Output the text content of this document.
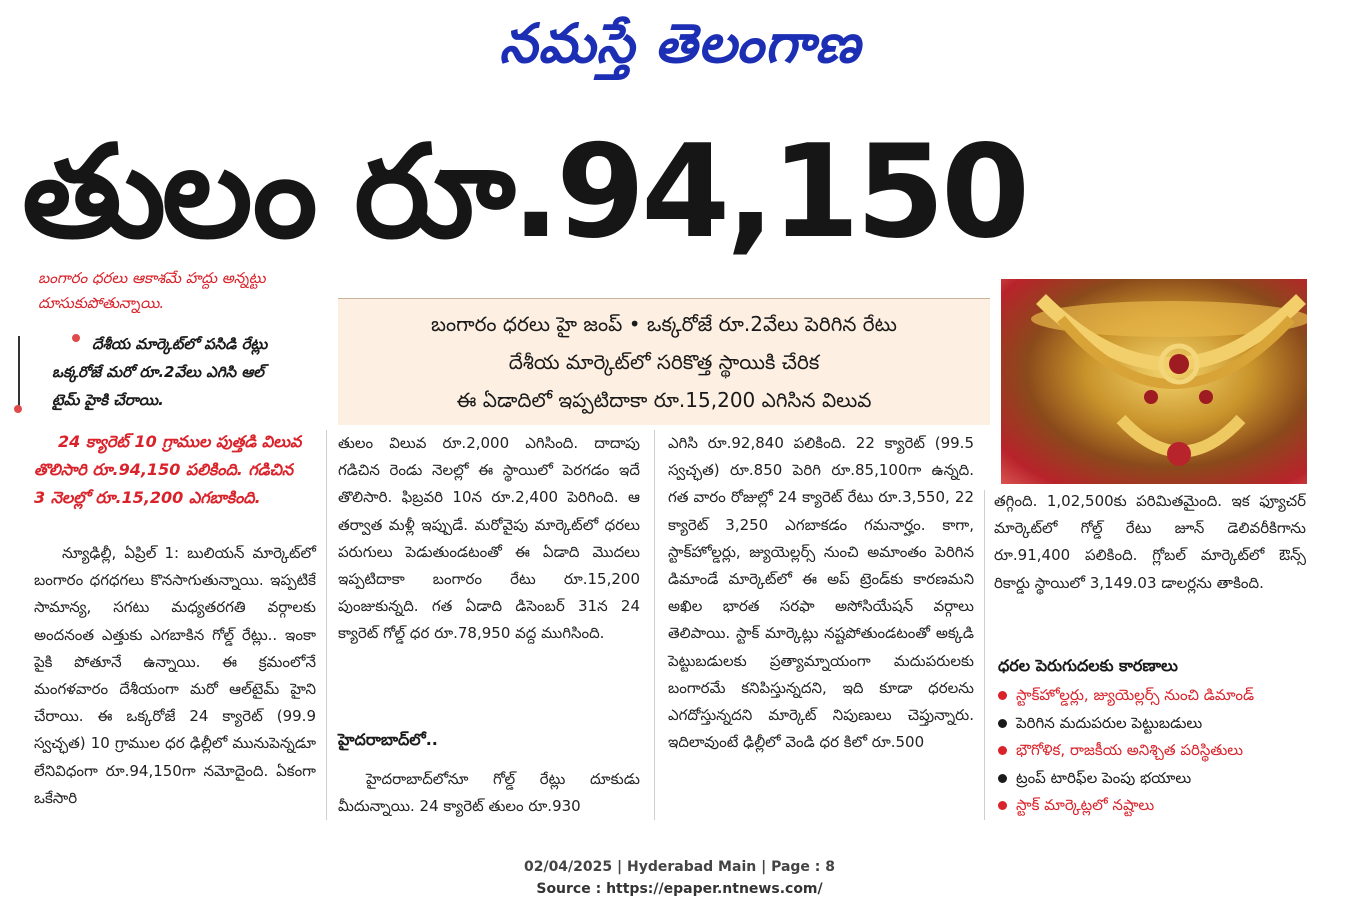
నమస్తే తెలంగాణ
తులం రూ.94,150
బంగారం ధరలు ఆకాశమే హద్దు అన్నట్టు దూసుకుపోతున్నాయి.
దేశీయ మార్కెట్‌లో పసిడి రేట్లు
ఒక్కరోజే మరో రూ.2వేలు ఎగిసి ఆల్‌
టైమ్‌ హైకి చేరాయి.
24 క్యారెట్‌ 10 గ్రాముల పుత్తడి విలువ
తొలిసారి రూ.94,150 పలికింది. గడిచిన
3 నెలల్లో రూ.15,200 ఎగబాకింది.
బంగారం ధరలు హై జంప్ • ఒక్కరోజే రూ.2వేలు పెరిగిన రేటు
దేశీయ మార్కెట్‌లో సరికొత్త స్థాయికి చేరిక
ఈ ఏడాదిలో ఇప్పటిదాకా రూ.15,200 ఎగిసిన విలువ
న్యూఢిల్లీ, ఏప్రిల్‌ 1: బులియన్‌ మార్కెట్‌లో బంగారం ధగధగలు కొనసాగుతున్నాయి. ఇప్పటికే సామాన్య, సగటు మధ్యతరగతి వర్గాలకు అందనంత ఎత్తుకు ఎగబాకిన గోల్డ్‌ రేట్లు.. ఇంకా పైకి పోతూనే ఉన్నాయి. ఈ క్రమంలోనే మంగళవారం దేశీయంగా మరో ఆల్‌టైమ్‌ హైని చేరాయి. ఈ ఒక్కరోజే 24 క్యారెట్‌ (99.9 స్వచ్ఛత) 10 గ్రాముల ధర ఢిల్లీలో మునుపెన్నడూ లేనివిధంగా రూ.94,150గా నమోదైంది. ఏకంగా ఒకేసారి
తులం విలువ రూ.2,000 ఎగిసింది. దాదాపు గడిచిన రెండు నెలల్లో ఈ స్థాయిలో పెరగడం ఇదే తొలిసారి. ఫిబ్రవరి 10న రూ.2,400 పెరిగింది. ఆ తర్వాత మళ్లీ ఇప్పుడే. మరోవైపు మార్కెట్‌లో ధరలు పరుగులు పెడుతుండటంతో ఈ ఏడాది మొదలు ఇప్పటిదాకా బంగారం రేటు రూ.15,200 పుంజుకున్నది. గత ఏడాది డిసెంబర్‌ 31న 24 క్యారెట్‌ గోల్డ్‌ ధర రూ.78,950 వద్ద ముగిసింది.
హైదరాబాద్‌లో..
హైదరాబాద్‌లోనూ గోల్డ్‌ రేట్లు దూకుడు మీదున్నాయి. 24 క్యారెట్‌ తులం రూ.930
ఎగిసి రూ.92,840 పలికింది. 22 క్యారెట్‌ (99.5 స్వచ్ఛత) రూ.850 పెరిగి రూ.85,100గా ఉన్నది. గత వారం రోజుల్లో 24 క్యారెట్‌ రేటు రూ.3,550, 22 క్యారెట్‌ 3,250 ఎగబాకడం గమనార్హం. కాగా, స్టాక్‌హోల్డర్లు, జ్యుయెల్లర్స్‌ నుంచి అమాంతం పెరిగిన డిమాండే మార్కెట్‌లో ఈ అప్‌ ట్రెండ్‌కు కారణమని అఖిల భారత సరఫా అసోసియేషన్‌ వర్గాలు తెలిపాయి. స్టాక్‌ మార్కెట్లు నష్టపోతుండటంతో అక్కడి పెట్టుబడులకు ప్రత్యామ్నాయంగా మదుపరులకు బంగారమే కనిపిస్తున్నదని, ఇది కూడా ధరలను ఎగదోస్తున్నదని మార్కెట్‌ నిపుణులు చెప్తున్నారు. ఇదిలావుంటే ఢిల్లీలో వెండి ధర కిలో రూ.500
తగ్గింది. 1,02,500కు పరిమితమైంది. ఇక ఫ్యూచర్‌ మార్కెట్‌లో గోల్డ్‌ రేటు జూన్‌ డెలివరీకిగాను రూ.91,400 పలికింది. గ్లోబల్‌ మార్కెట్‌లో ఔన్స్‌ రికార్డు స్థాయిలో 3,149.03 డాలర్లను తాకింది.
ధరల పెరుగుదలకు కారణాలు
స్టాక్‌హోల్డర్లు, జ్యుయెల్లర్స్‌ నుంచి డిమాండ్‌
పెరిగిన మదుపరుల పెట్టుబడులు
భౌగోళిక, రాజకీయ అనిశ్చిత పరిస్థితులు
ట్రంప్‌ టారిఫ్‌ల పెంపు భయాలు
స్టాక్‌ మార్కెట్లలో నష్టాలు
02/04/2025 | Hyderabad Main | Page : 8
Source : https://epaper.ntnews.com/
